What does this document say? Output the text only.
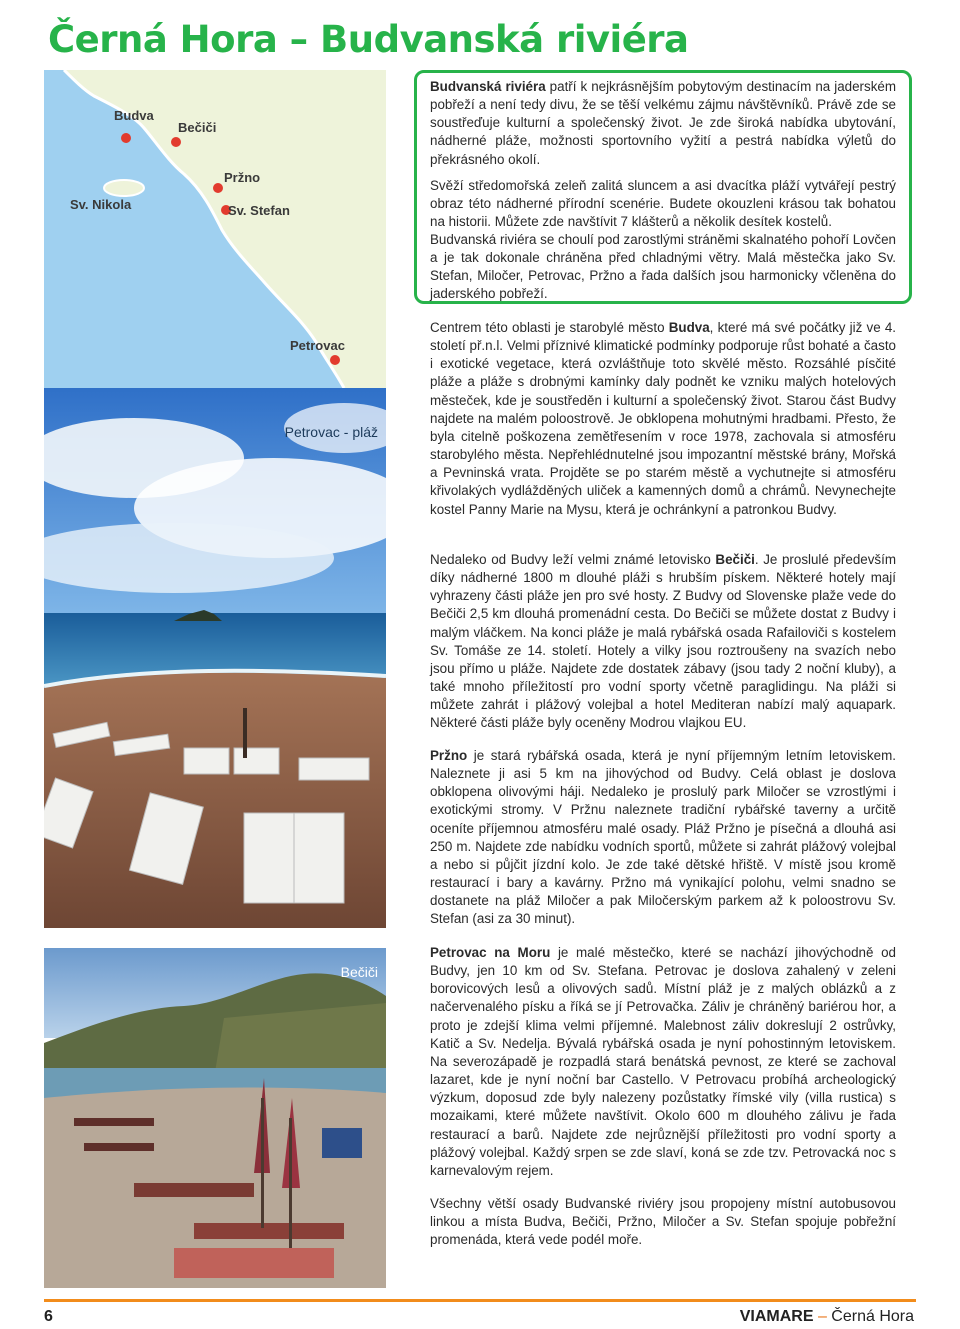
Černá Hora – Budvanská riviéra
Budva
Bečiči
Pržno
Sv. Nikola	Sv. Stefan
Petrovac
Petrovac - pláž
Bečiči

Budvanská riviéra patří k nejkrásnějším pobytovým destinacím na jaderském pobřeží a není tedy divu, že se těší velkému zájmu návštěvníků. Právě zde se soustřeďuje kulturní a společenský život. Je zde široká nabídka ubytování, nádherné pláže, možnosti sportovního vyžití a pestrá nabídka výletů do překrásného okolí.

Svěží středomořská zeleň zalitá sluncem a asi dvacítka pláží vytvářejí pestrý obraz této nádherné přírodní scenérie. Budete okouzleni krásou tak bohatou na historii. Můžete zde navštívit 7 klášterů a několik desítek kostelů.

Budvanská riviéra se choulí pod zarostlými stráněmi skalnatého pohoří Lovčen a je tak dokonale chráněna před chladnými větry. Malá městečka jako Sv. Stefan, Miločer, Petrovac, Pržno a řada dalších jsou harmonicky včleněna do jaderského pobřeží.

Centrem této oblasti je starobylé město Budva, které má své počátky již ve 4. století př.n.l. Velmi příznivé klimatické podmínky podporuje růst bohaté a často i exotické vegetace, která ozvláštňuje toto skvělé město. Rozsáhlé písčité pláže a pláže s drobnými kamínky daly podnět ke vzniku malých hotelových městeček, kde je soustředěn i kulturní a společenský život. Starou část Budvy najdete na malém poloostrově. Je obklopena mohutnými hradbami. Přesto, že byla citelně poškozena zemětřesením v roce 1978, zachovala si atmosféru starobylého města. Nepřehlédnutelné jsou impozantní městské brány, Mořská a Pevninská vrata. Projděte se po starém městě a vychutnejte si atmosféru křivolakých vydlážděných uliček a kamenných domů a chrámů. Nevynechejte kostel Panny Marie na Mysu, která je ochránkyní a patronkou Budvy.

Nedaleko od Budvy leží velmi známé letovisko Bečiči. Je proslulé především díky nádherné 1800 m dlouhé pláži s hrubším pískem. Některé hotely mají vyhrazeny části pláže jen pro své hosty. Z Budvy od Slovenske plaže vede do Bečiči 2,5 km dlouhá promenádní cesta. Do Bečiči se můžete dostat z Budvy i malým vláčkem. Na konci pláže je malá rybářská osada Rafailoviči s kostelem Sv. Tomáše ze 14. století. Hotely a vilky jsou roztroušeny na svazích nebo jsou přímo u pláže. Najdete zde dostatek zábavy (jsou tady 2 noční kluby), a také mnoho příležitostí pro vodní sporty včetně paraglidingu. Na pláži si můžete zahrát i plážový volejbal a hotel Mediteran nabízí malý aquapark. Některé části pláže byly oceněny Modrou vlajkou EU.

Pržno je stará rybářská osada, která je nyní příjemným letním letoviskem. Naleznete ji asi 5 km na jihovýchod od Budvy. Celá oblast je doslova obklopena olivovými háji. Nedaleko je proslulý park Miločer se vzrostlými i exotickými stromy. V Pržnu naleznete tradiční rybářské taverny a určitě oceníte příjemnou atmosféru malé osady. Pláž Pržno je písečná a dlouhá asi 250 m. Najdete zde nabídku vodních sportů, můžete si zahrát plážový volejbal a nebo si půjčit jízdní kolo. Je zde také dětské hřiště. V místě jsou kromě restaurací i bary a kavárny. Pržno má vynikající polohu, velmi snadno se dostanete na pláž Miločer a pak Miločerským parkem až k poloostrovu Sv. Stefan (asi za 30 minut).

Petrovac na Moru je malé městečko, které se nachází jihovýchodně od Budvy, jen 10 km od Sv. Stefana. Petrovac je doslova zahalený v zeleni borovicových lesů a olivových sadů. Místní pláž je z malých oblázků a z načervenalého písku a říká se jí Petrovačka. Záliv je chráněný bariérou hor, a proto je zdejší klima velmi příjemné. Malebnost záliv dokreslují 2 ostrůvky, Katič a Sv. Nedelja. Bývalá rybářská osada je nyní pohostinným letoviskem. Na severozápadě je rozpadlá stará benátská pevnost, ze které se zachoval lazaret, kde je nyní noční bar Castello. V Petrovacu probíhá archeologický výzkum, doposud zde byly nalezeny pozůstatky římské vily (villa rustica) s mozaikami, které můžete navštívit. Okolo 600 m dlouhého zálivu je řada restaurací a barů. Najdete zde nejrůznější příležitosti pro vodní sporty a plážový volejbal. Každý srpen se zde slaví, koná se zde tzv. Petrovacká noc s karnevalovým rejem.

Všechny větší osady Budvanské riviéry jsou propojeny místní autobusovou linkou a místa Budva, Bečiči, Pržno, Miločer a Sv. Stefan spojuje pobřežní promenáda, která vede podél moře.

6	VIAMARE – Černá Hora
